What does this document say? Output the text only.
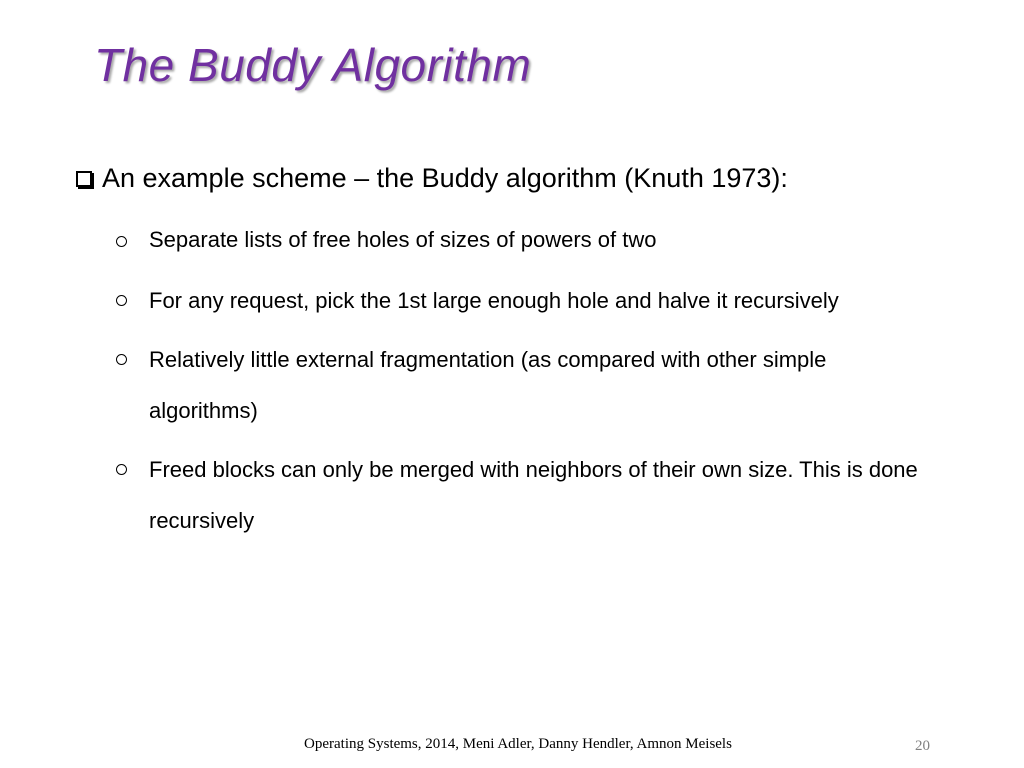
The Buddy Algorithm
An example scheme – the Buddy algorithm (Knuth 1973):
Separate lists of free holes of sizes of powers of two
For any request, pick the 1st large enough hole and halve it recursively
Relatively little external fragmentation (as compared with other simple algorithms)
Freed blocks can only be merged with neighbors of their own size. This is done recursively
Operating Systems, 2014, Meni Adler, Danny Hendler, Amnon Meisels	20
